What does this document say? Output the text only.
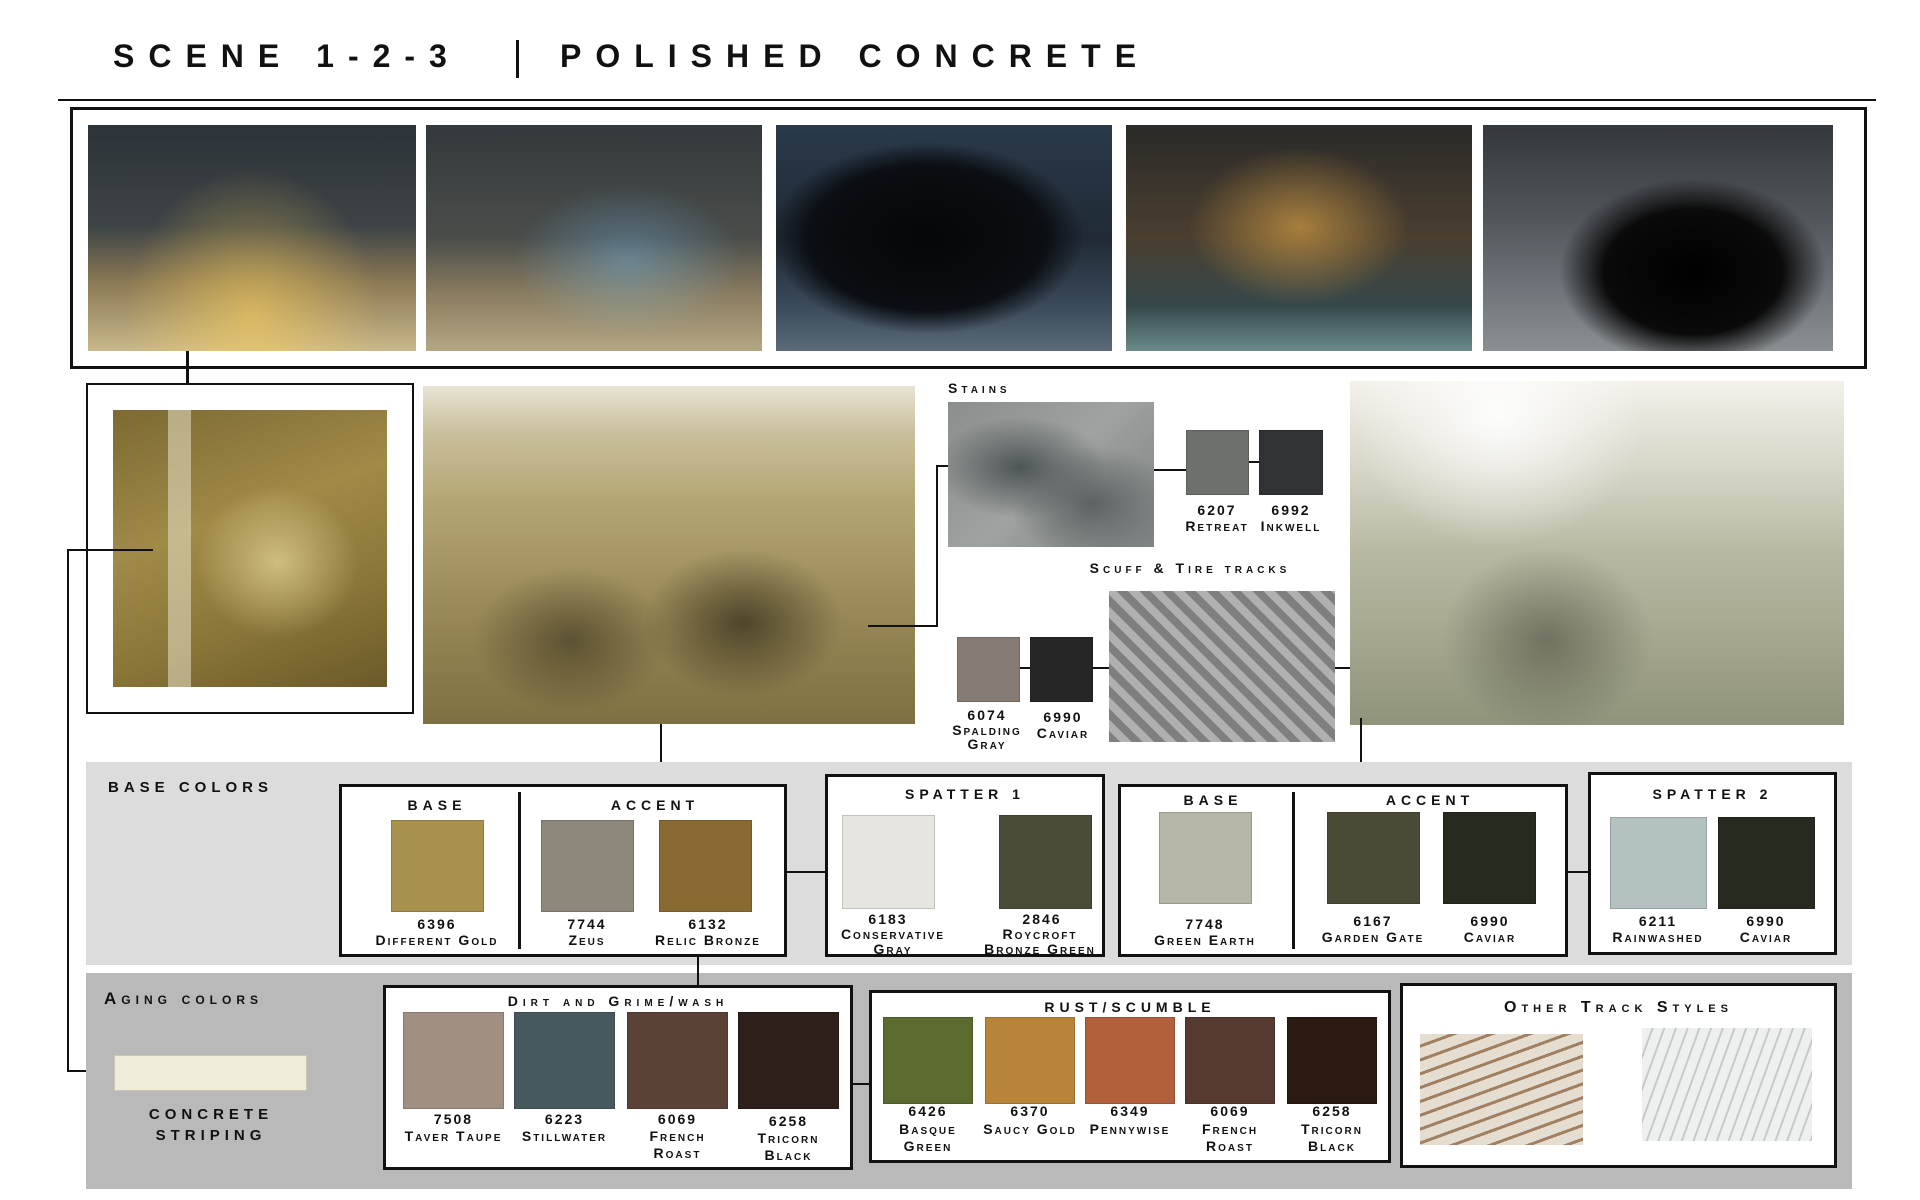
SCENE 1-2-3	POLISHED CONCRETE
Stains
6207
Retreat
6992
Inkwell
Scuff & Tire tracks
6074
Spalding Gray
6990
Caviar
BASE COLORS
BASE	ACCENT
6396
Different Gold
7744
Zeus
6132
Relic Bronze
SPATTER 1
6183
Conservative Gray
2846
Roycroft Bronze Green
BASE	ACCENT
7748
Green Earth
6167
Garden Gate
6990
Caviar
SPATTER 2
6211
Rainwashed
6990
Caviar
Aging colors
CONCRETE STRIPING
Dirt and Grime/wash
7508
Taver Taupe
6223
Stillwater
6069
French Roast
6258
Tricorn Black
RUST/SCUMBLE
6426
Basque Green
6370
Saucy Gold
6349
Pennywise
6069
French Roast
6258
Tricorn Black
Other Track Styles
